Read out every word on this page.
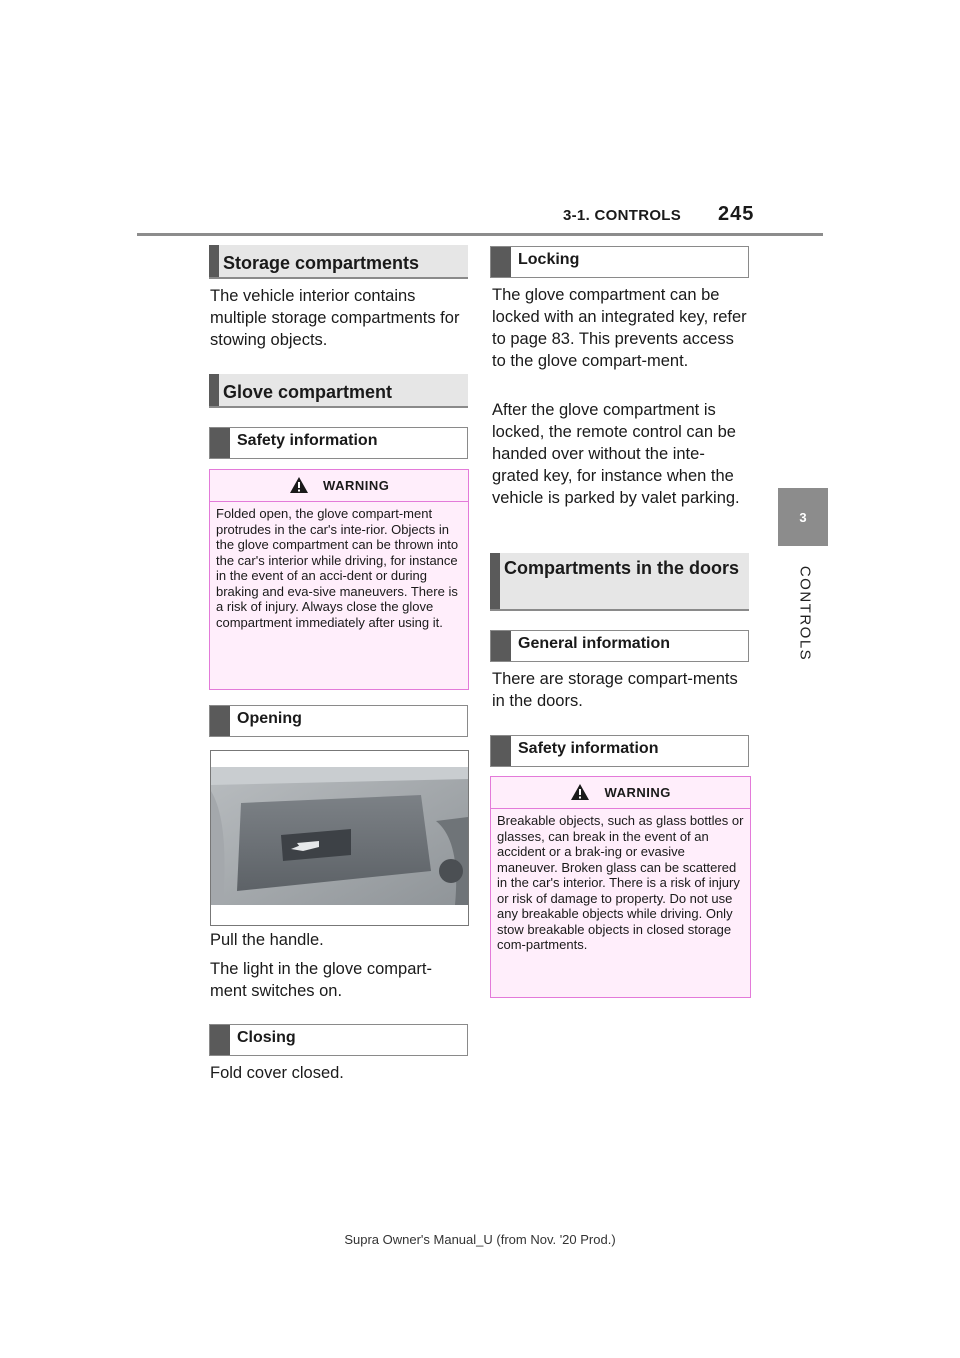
3-1. CONTROLS 245
3
CONTROLS
Storage compartments
The vehicle interior contains multiple storage compartments for stowing objects.
Glove compartment
Safety information
WARNING
Folded open, the glove compart-ment protrudes in the car's inte-rior. Objects in the glove compartment can be thrown into the car's interior while driving, for instance in the event of an acci-dent or during braking and eva-sive maneuvers. There is a risk of injury. Always close the glove compartment immediately after using it.
Opening
Pull the handle.
The light in the glove compart-ment switches on.
Closing
Fold cover closed.
Locking
The glove compartment can be locked with an integrated key, refer to page 83. This prevents access to the glove compart-ment.
After the glove compartment is locked, the remote control can be handed over without the inte-grated key, for instance when the vehicle is parked by valet parking.
Compartments in the doors
General information
There are storage compart-ments in the doors.
Safety information
WARNING
Breakable objects, such as glass bottles or glasses, can break in the event of an accident or a brak-ing or evasive maneuver. Broken glass can be scattered in the car's interior. There is a risk of injury or risk of damage to property. Do not use any breakable objects while driving. Only stow breakable objects in closed storage com-partments.
Supra Owner's Manual_U (from Nov. '20 Prod.)
